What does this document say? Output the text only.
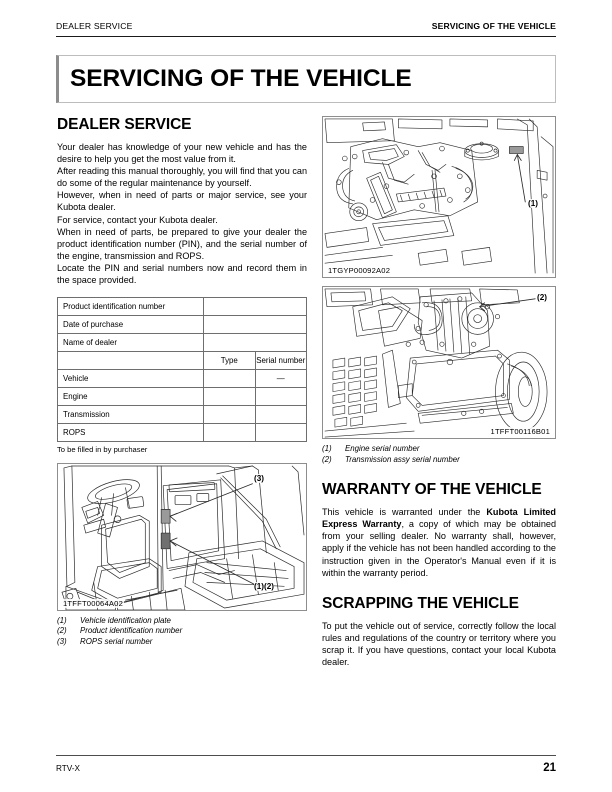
DEALER SERVICE	SERVICING OF THE VEHICLE
SERVICING OF THE VEHICLE
DEALER SERVICE

Your dealer has knowledge of your new vehicle and has the desire to help you get the most value from it.

After reading this manual thoroughly, you will find that you can do some of the regular maintenance by yourself.

However, when in need of parts or major service, see your Kubota dealer.

For service, contact your Kubota dealer.

When in need of parts, be prepared to give your dealer the product identification number (PIN), and the serial number of the engine, transmission and ROPS.

Locate the PIN and serial numbers now and record them in the space provided.

Product identification number		
Date of purchase		
Name of dealer		
	Type	Serial number
Vehicle		—
Engine		
Transmission		
ROPS		
To be filled in by purchaser
(3)
(1)(2)
1TFFT00064A02
(1)	Vehicle identification plate
(2)	Product identification number
(3)	ROPS serial number
(1)
1TGYP00092A02
(2)
1TFFT00116B01
(1)	Engine serial number
(2)	Transmission assy serial number
WARRANTY OF THE VEHICLE

This vehicle is warranted under the Kubota Limited Express Warranty, a copy of which may be obtained from your selling dealer. No warranty shall, however, apply if the vehicle has not been handled according to the instruction given in the Operator's Manual even if it is within the warranty period.

SCRAPPING THE VEHICLE

To put the vehicle out of service, correctly follow the local rules and regulations of the country or territory where you scrap it. If you have questions, contact your local Kubota dealer.

RTV-X	21
